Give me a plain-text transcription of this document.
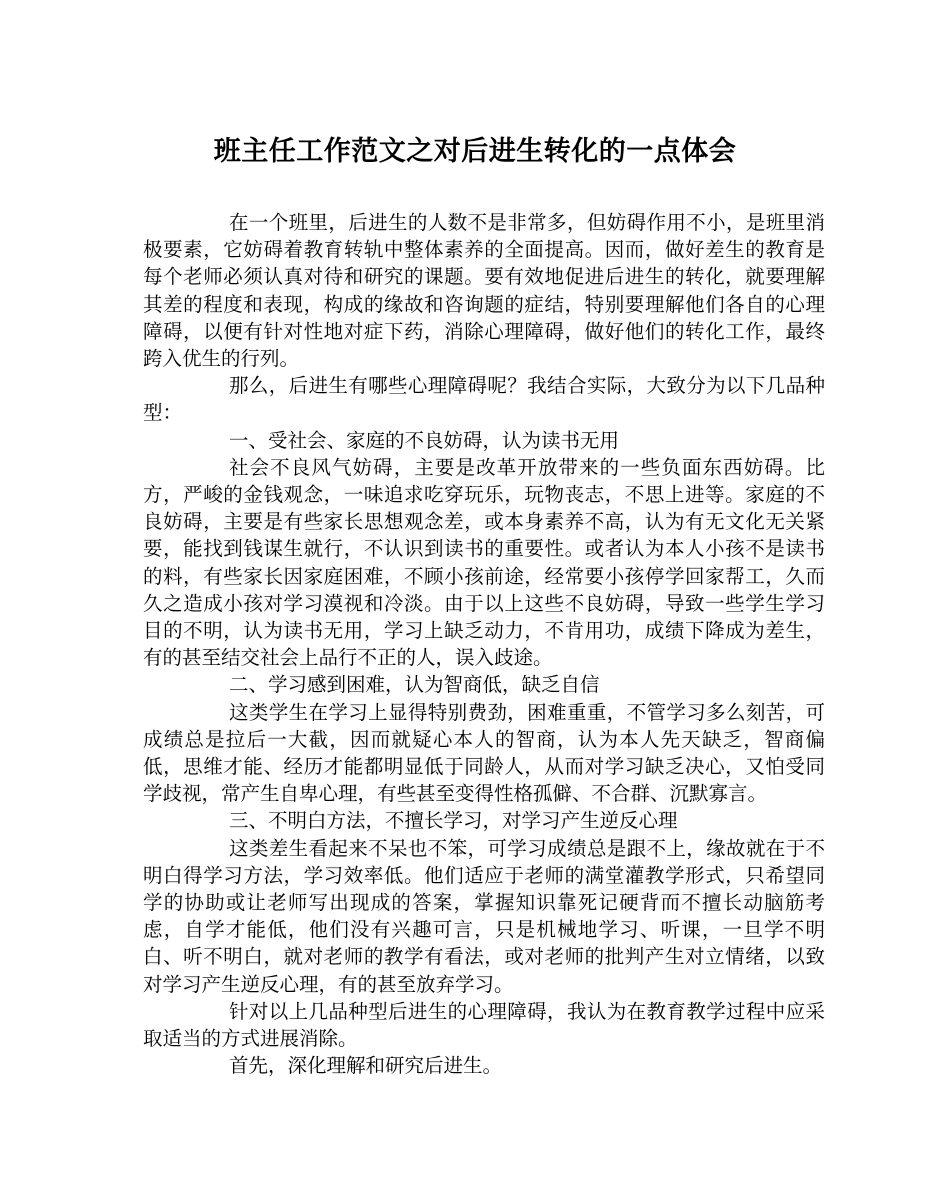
班主任工作范文之对后进生转化的一点体会

在一个班里，后进生的人数不是非常多，但妨碍作用不小，是班里消极要素，它妨碍着教育转轨中整体素养的全面提高。因而，做好差生的教育是每个老师必须认真对待和研究的课题。要有效地促进后进生的转化，就要理解其差的程度和表现，构成的缘故和咨询题的症结，特别要理解他们各自的心理障碍，以便有针对性地对症下药，消除心理障碍，做好他们的转化工作，最终跨入优生的行列。

那么，后进生有哪些心理障碍呢？我结合实际，大致分为以下几品种型：

一、受社会、家庭的不良妨碍，认为读书无用

社会不良风气妨碍，主要是改革开放带来的一些负面东西妨碍。比方，严峻的金钱观念，一味追求吃穿玩乐，玩物丧志，不思上进等。家庭的不良妨碍，主要是有些家长思想观念差，或本身素养不高，认为有无文化无关紧要，能找到钱谋生就行，不认识到读书的重要性。或者认为本人小孩不是读书的料，有些家长因家庭困难，不顾小孩前途，经常要小孩停学回家帮工，久而久之造成小孩对学习漠视和冷淡。由于以上这些不良妨碍，导致一些学生学习目的不明，认为读书无用，学习上缺乏动力，不肯用功，成绩下降成为差生，有的甚至结交社会上品行不正的人，误入歧途。

二、学习感到困难，认为智商低，缺乏自信

这类学生在学习上显得特别费劲，困难重重，不管学习多么刻苦，可成绩总是拉后一大截，因而就疑心本人的智商，认为本人先天缺乏，智商偏低，思维才能、经历才能都明显低于同龄人，从而对学习缺乏决心，又怕受同学歧视，常产生自卑心理，有些甚至变得性格孤僻、不合群、沉默寡言。

三、不明白方法，不擅长学习，对学习产生逆反心理

这类差生看起来不呆也不笨，可学习成绩总是跟不上，缘故就在于不明白得学习方法，学习效率低。他们适应于老师的满堂灌教学形式，只希望同学的协助或让老师写出现成的答案，掌握知识靠死记硬背而不擅长动脑筋考虑，自学才能低，他们没有兴趣可言，只是机械地学习、听课，一旦学不明白、听不明白，就对老师的教学有看法，或对老师的批判产生对立情绪，以致对学习产生逆反心理，有的甚至放弃学习。

针对以上几品种型后进生的心理障碍，我认为在教育教学过程中应采取适当的方式进展消除。

首先，深化理解和研究后进生。
